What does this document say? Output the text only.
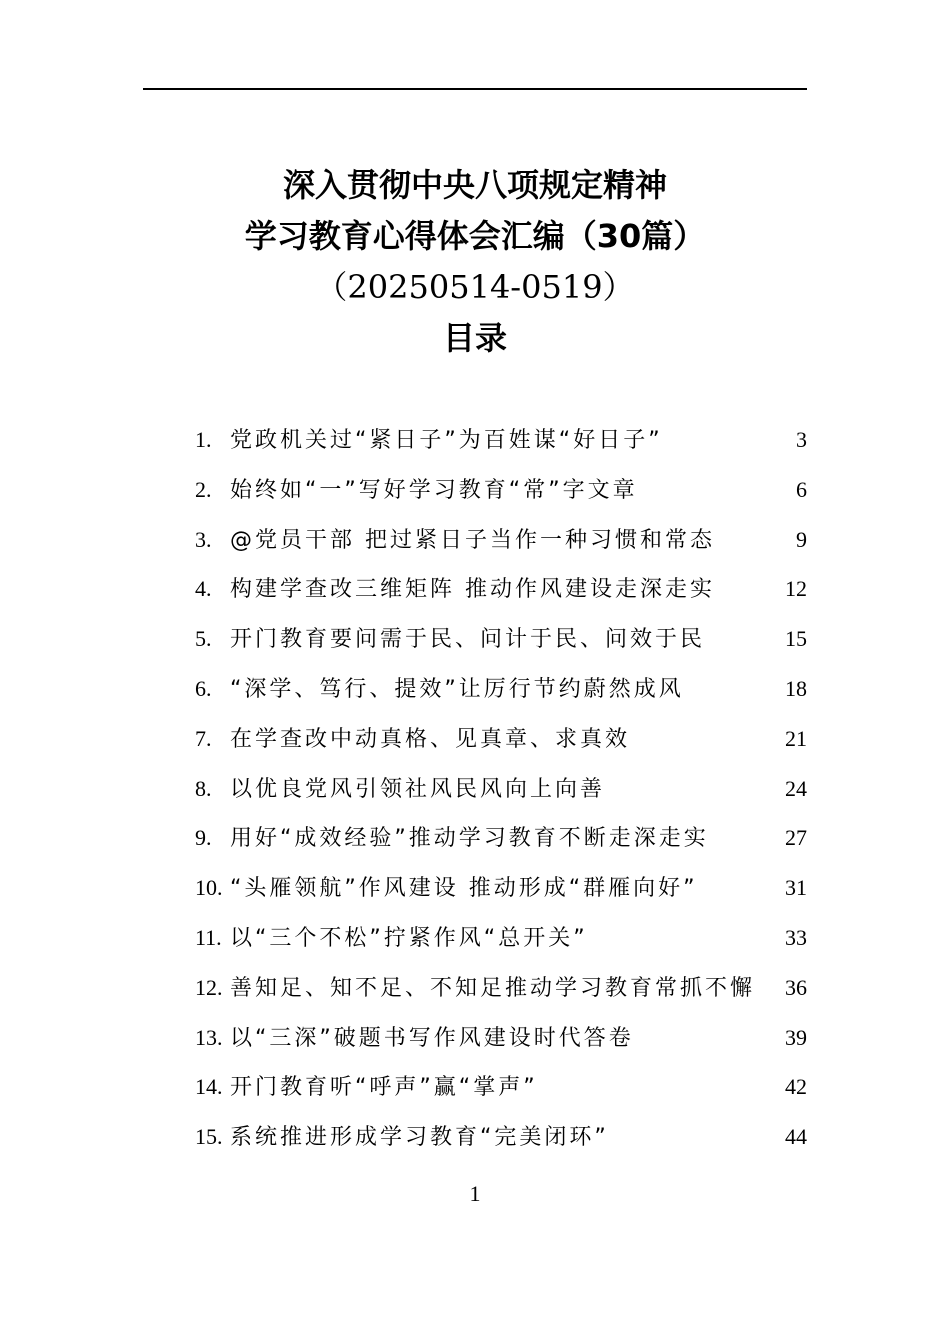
深入贯彻中央八项规定精神
学习教育心得体会汇编（30篇）
（20250514-0519）
目录
1. 党政机关过“紧日子”为百姓谋“好日子”	3
2. 始终如“一”写好学习教育“常”字文章	6
3. @党员干部 把过紧日子当作一种习惯和常态	9
4. 构建学查改三维矩阵 推动作风建设走深走实	12
5. 开门教育要问需于民、问计于民、问效于民	15
6. “深学、笃行、提效”让厉行节约蔚然成风	18
7. 在学查改中动真格、见真章、求真效	21
8. 以优良党风引领社风民风向上向善	24
9. 用好“成效经验”推动学习教育不断走深走实	27
10. “头雁领航”作风建设 推动形成“群雁向好”	31
11. 以“三个不松”拧紧作风“总开关”	33
12. 善知足、知不足、不知足推动学习教育常抓不懈 36
13. 以“三深”破题书写作风建设时代答卷	39
14. 开门教育听“呼声”赢“掌声”	42
15. 系统推进形成学习教育“完美闭环”	44
1
